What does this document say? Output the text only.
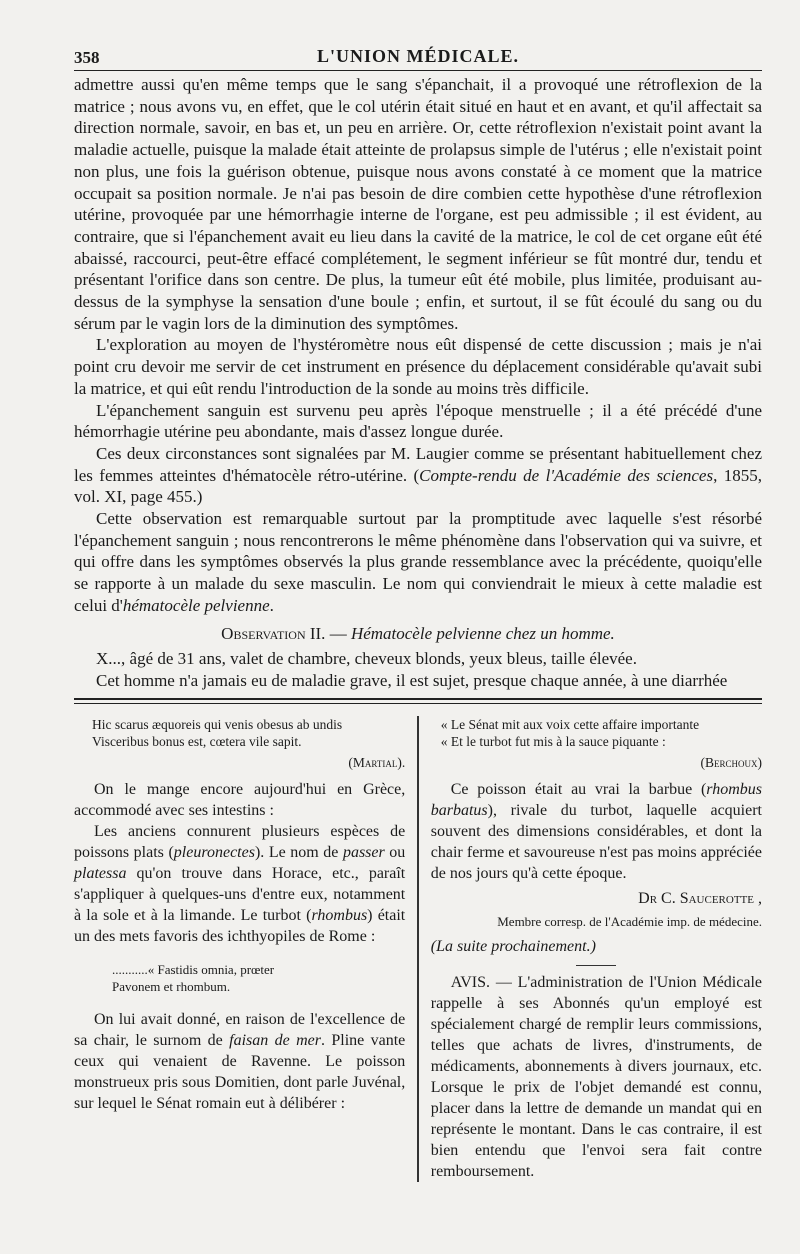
358	L'UNION MÉDICALE.

admettre aussi qu'en même temps que le sang s'épanchait, il a provoqué une rétroflexion de la matrice ; nous avons vu, en effet, que le col utérin était situé en haut et en avant, et qu'il affectait sa direction normale, savoir, en bas et, un peu en arrière. Or, cette rétroflexion n'existait point avant la maladie actuelle, puisque la malade était atteinte de prolapsus simple de l'utérus ; elle n'existait point non plus, une fois la guérison obtenue, puisque nous avons constaté à ce moment que la matrice occupait sa position normale. Je n'ai pas besoin de dire combien cette hypothèse d'une rétroflexion utérine, provoquée par une hémorrhagie interne de l'organe, est peu admissible ; il est évident, au contraire, que si l'épanchement avait eu lieu dans la cavité de la matrice, le col de cet organe eût été abaissé, raccourci, peut-être effacé complétement, le segment inférieur se fût montré dur, tendu et présentant l'orifice dans son centre. De plus, la tumeur eût été mobile, plus limitée, produisant au-dessus de la symphyse la sensation d'une boule ; enfin, et surtout, il se fût écoulé du sang ou du sérum par le vagin lors de la diminution des symptômes.

L'exploration au moyen de l'hystéromètre nous eût dispensé de cette discussion ; mais je n'ai point cru devoir me servir de cet instrument en présence du déplacement considérable qu'avait subi la matrice, et qui eût rendu l'introduction de la sonde au moins très difficile.

L'épanchement sanguin est survenu peu après l'époque menstruelle ; il a été précédé d'une hémorrhagie utérine peu abondante, mais d'assez longue durée.

Ces deux circonstances sont signalées par M. Laugier comme se présentant habituellement chez les femmes atteintes d'hématocèle rétro-utérine. (Compte-rendu de l'Académie des sciences, 1855, vol. XI, page 455.)

Cette observation est remarquable surtout par la promptitude avec laquelle s'est résorbé l'épanchement sanguin ; nous rencontrerons le même phénomène dans l'observation qui va suivre, et qui offre dans les symptômes observés la plus grande ressemblance avec la précédente, quoiqu'elle se rapporte à un malade du sexe masculin. Le nom qui conviendrait le mieux à cette maladie est celui d'hématocèle pelvienne.

Observation II. — Hématocèle pelvienne chez un homme.

X..., âgé de 31 ans, valet de chambre, cheveux blonds, yeux bleus, taille élevée.

Cet homme n'a jamais eu de maladie grave, il est sujet, presque chaque année, à une diarrhée

Hic scarus æquoreis qui venis obesus ab undis
Visceribus bonus est, cœtera vile sapit.
(Martial).

On le mange encore aujourd'hui en Grèce, accommodé avec ses intestins :

Les anciens connurent plusieurs espèces de poissons plats (pleuronectes). Le nom de passer ou platessa qu'on trouve dans Horace, etc., paraît s'appliquer à quelques-uns d'entre eux, notamment à la sole et à la limande. Le turbot (rhombus) était un des mets favoris des ichthyopiles de Rome :

...........« Fastidis omnia, prœter
Pavonem et rhombum.

On lui avait donné, en raison de l'excellence de sa chair, le surnom de faisan de mer. Pline vante ceux qui venaient de Ravenne. Le poisson monstrueux pris sous Domitien, dont parle Juvénal, sur lequel le Sénat romain eut à délibérer :

« Le Sénat mit aux voix cette affaire importante
« Et le turbot fut mis à la sauce piquante :
(Berchoux)

Ce poisson était au vrai la barbue (rhombus barbatus), rivale du turbot, laquelle acquiert souvent des dimensions considérables, et dont la chair ferme et savoureuse n'est pas moins appréciée de nos jours qu'à cette époque.

Dr C. Saucerotte ,

Membre corresp. de l'Académie imp. de médecine.

(La suite prochainement.)

AVIS. — L'administration de l'Union Médicale rappelle à ses Abonnés qu'un employé est spécialement chargé de remplir leurs commissions, telles que achats de livres, d'instruments, de médicaments, abonnements à divers journaux, etc. Lorsque le prix de l'objet demandé est connu, placer dans la lettre de demande un mandat qui en représente le montant. Dans le cas contraire, il est bien entendu que l'envoi sera fait contre remboursement.
